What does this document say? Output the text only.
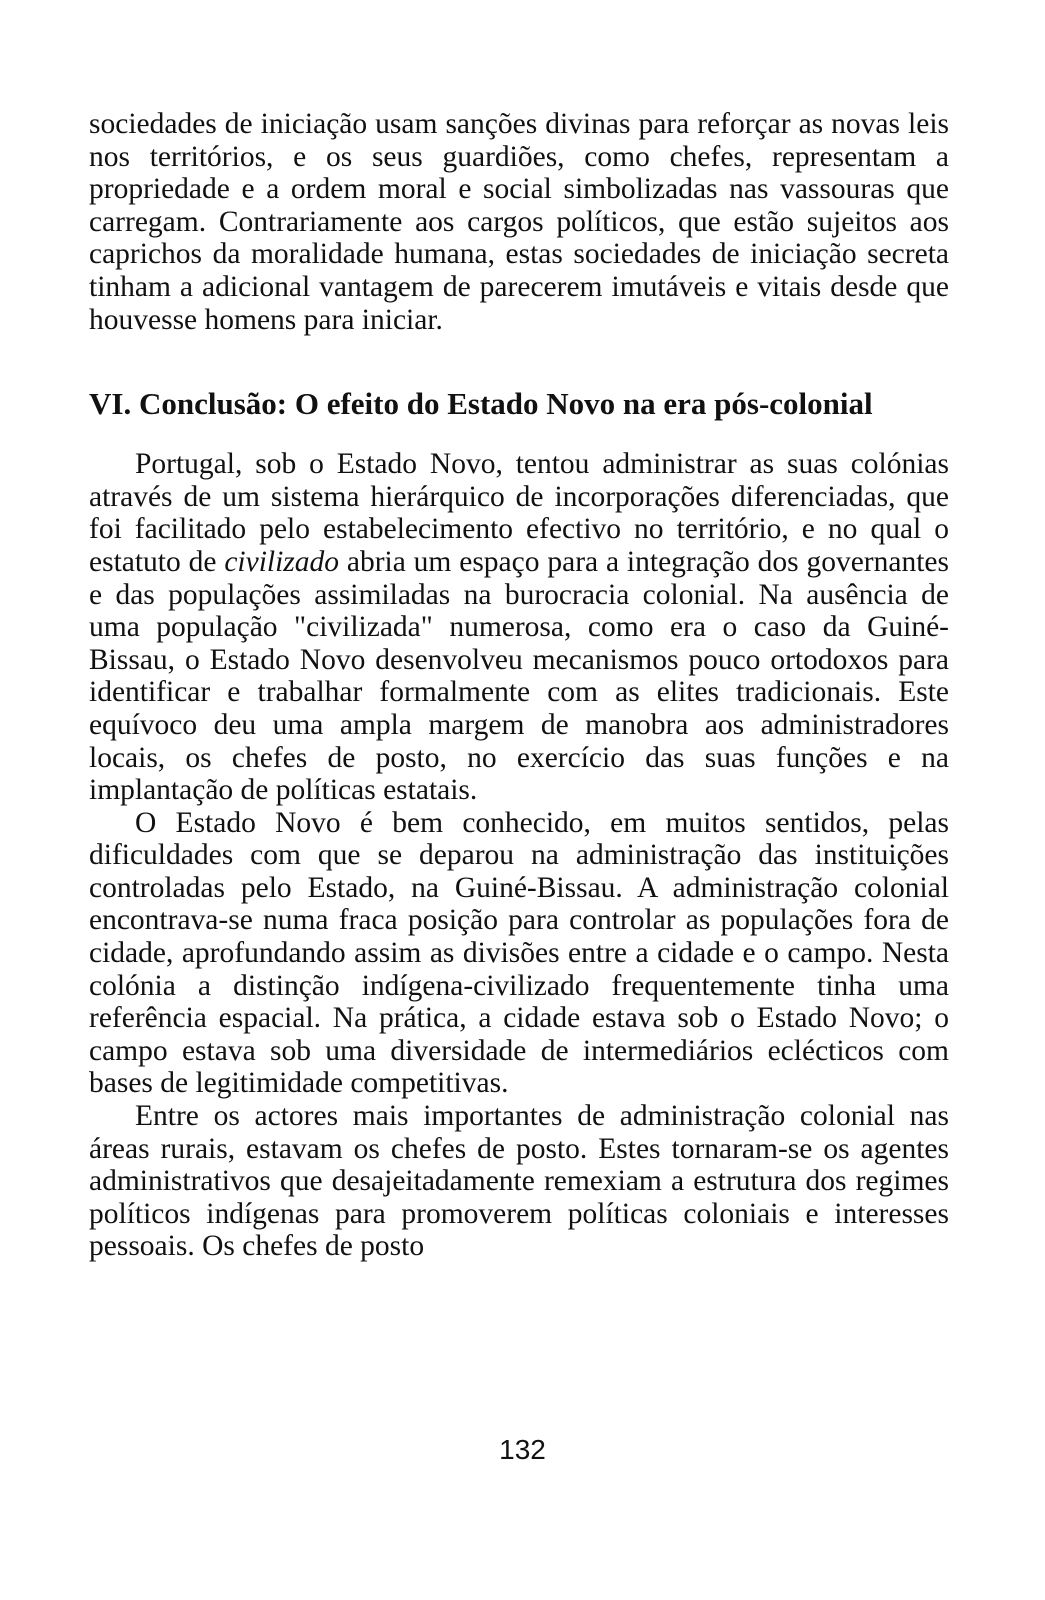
sociedades de iniciação usam sanções divinas para reforçar as novas leis nos territórios, e os seus guardiões, como chefes, representam a propriedade e a ordem moral e social simbolizadas nas vassouras que carregam. Contrariamente aos cargos políticos, que estão sujeitos aos caprichos da moralidade humana, estas sociedades de iniciação secreta tinham a adicional vantagem de parecerem imutáveis e vitais desde que houvesse homens para iniciar.

VI. Conclusão: O efeito do Estado Novo na era pós-colonial

Portugal, sob o Estado Novo, tentou administrar as suas colónias através de um sistema hierárquico de incorporações diferenciadas, que foi facilitado pelo estabelecimento efectivo no território, e no qual o estatuto de civilizado abria um espaço para a integração dos governantes e das populações assimiladas na burocracia colonial. Na ausência de uma população "civilizada" numerosa, como era o caso da Guiné-Bissau, o Estado Novo desenvolveu mecanismos pouco ortodoxos para identificar e trabalhar formalmente com as elites tradicionais. Este equívoco deu uma ampla margem de manobra aos administradores locais, os chefes de posto, no exercício das suas funções e na implantação de políticas estatais.

O Estado Novo é bem conhecido, em muitos sentidos, pelas dificuldades com que se deparou na administração das instituições controladas pelo Estado, na Guiné-Bissau. A administração colonial encontrava-se numa fraca posição para controlar as populações fora de cidade, aprofundando assim as divisões entre a cidade e o campo. Nesta colónia a distinção indígena-civilizado frequentemente tinha uma referência espacial. Na prática, a cidade estava sob o Estado Novo; o campo estava sob uma diversidade de intermediários eclécticos com bases de legitimidade competitivas.

Entre os actores mais importantes de administração colonial nas áreas rurais, estavam os chefes de posto. Estes tornaram-se os agentes administrativos que desajeitadamente remexiam a estrutura dos regimes políticos indígenas para promoverem políticas coloniais e interesses pessoais. Os chefes de posto

132
